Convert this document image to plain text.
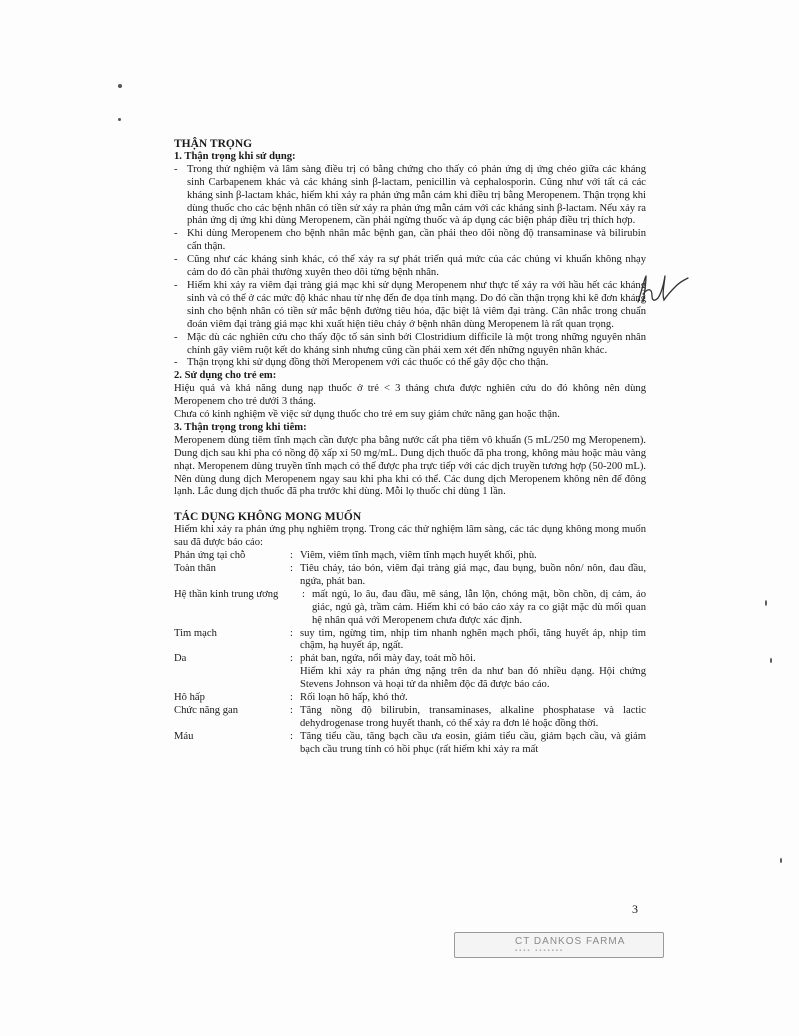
THẬN TRỌNG
1. Thận trọng khi sử dụng:
- Trong thử nghiệm và lâm sàng điều trị có bằng chứng cho thấy có phản ứng dị ứng chéo giữa các kháng sinh Carbapenem khác và các kháng sinh β-lactam, penicillin và cephalosporin. Cũng như với tất cả các kháng sinh β-lactam khác, hiếm khi xảy ra phản ứng mẫn cảm khi điều trị bằng Meropenem. Thận trọng khi dùng thuốc cho các bệnh nhân có tiền sử xảy ra phản ứng mẫn cảm với các kháng sinh β-lactam. Nếu xảy ra phản ứng dị ứng khi dùng Meropenem, cần phải ngừng thuốc và áp dụng các biện pháp điều trị thích hợp.
- Khi dùng Meropenem cho bệnh nhân mắc bệnh gan, cần phải theo dõi nồng độ transaminase và bilirubin cẩn thận.
- Cũng như các kháng sinh khác, có thể xảy ra sự phát triển quá mức của các chủng vi khuẩn không nhạy cảm do đó cần phải thường xuyên theo dõi từng bệnh nhân.
- Hiếm khi xảy ra viêm đại tràng giả mạc khi sử dụng Meropenem như thực tế xảy ra với hầu hết các kháng sinh và có thể ở các mức độ khác nhau từ nhẹ đến đe dọa tính mạng. Do đó cần thận trọng khi kê đơn kháng sinh cho bệnh nhân có tiền sử mắc bệnh đường tiêu hóa, đặc biệt là viêm đại tràng. Cân nhắc trong chuẩn đoán viêm đại tràng giả mạc khi xuất hiện tiêu chảy ở bệnh nhân dùng Meropenem là rất quan trọng.
- Mặc dù các nghiên cứu cho thấy độc tố sản sinh bởi Clostridium difficile là một trong những nguyên nhân chính gây viêm ruột kết do kháng sinh nhưng cũng cần phải xem xét đến những nguyên nhân khác.
- Thận trọng khi sử dụng đồng thời Meropenem với các thuốc có thể gây độc cho thận.
2. Sử dụng cho trẻ em:

Hiệu quả và khả năng dung nạp thuốc ở trẻ < 3 tháng chưa được nghiên cứu do đó không nên dùng Meropenem cho trẻ dưới 3 tháng.

Chưa có kinh nghiệm về việc sử dụng thuốc cho trẻ em suy giảm chức năng gan hoặc thận.

3. Thận trọng trong khi tiêm:

Meropenem dùng tiêm tĩnh mạch cần được pha bằng nước cất pha tiêm vô khuẩn (5 mL/250 mg Meropenem). Dung dịch sau khi pha có nồng độ xấp xỉ 50 mg/mL. Dung dịch thuốc đã pha trong, không màu hoặc màu vàng nhạt. Meropenem dùng truyền tĩnh mạch có thể được pha trực tiếp với các dịch truyền tương hợp (50-200 mL). Nên dùng dung dịch Meropenem ngay sau khi pha khi có thể. Các dung dịch Meropenem không nên để đông lạnh. Lắc dung dịch thuốc đã pha trước khi dùng. Mỗi lọ thuốc chỉ dùng 1 lần.

TÁC DỤNG KHÔNG MONG MUỐN

Hiếm khi xảy ra phản ứng phụ nghiêm trọng. Trong các thử nghiệm lâm sàng, các tác dụng không mong muốn sau đã được báo cáo:

Phản ứng tại chỗ	: Viêm, viêm tĩnh mạch, viêm tĩnh mạch huyết khối, phù.
Toàn thân	: Tiêu chảy, táo bón, viêm đại tràng giả mạc, đau bụng, buồn nôn/ nôn, đau đầu, ngứa, phát ban.
Hệ thần kinh trung ương	: mất ngủ, lo âu, đau đầu, mê sảng, lẫn lộn, chóng mặt, bồn chồn, dị cảm, ảo giác, ngủ gà, trầm cảm. Hiếm khi có báo cáo xảy ra co giật mặc dù mối quan hệ nhân quả với Meropenem chưa được xác định.
Tim mạch	: suy tim, ngừng tim, nhịp tim nhanh nghẽn mạch phổi, tăng huyết áp, nhịp tim chậm, hạ huyết áp, ngất.
Da	: phát ban, ngứa, nổi mày đay, toát mồ hôi.
Hiếm khi xảy ra phản ứng nặng trên da như ban đỏ nhiều dạng. Hội chứng Stevens Johnson và hoại tử da nhiễm độc đã được báo cáo.
Hô hấp	: Rối loạn hô hấp, khó thở.
Chức năng gan	: Tăng nồng độ bilirubin, transaminases, alkaline phosphatase và lactic dehydrogenase trong huyết thanh, có thể xảy ra đơn lẻ hoặc đồng thời.
Máu	: Tăng tiểu cầu, tăng bạch cầu ưa eosin, giảm tiểu cầu, giảm bạch cầu, và giảm bạch cầu trung tính có hồi phục (rất hiếm khi xảy ra mất
3
CT DANKOS FARMA
▪▪▪▪ ▪▪▪▪▪▪▪
